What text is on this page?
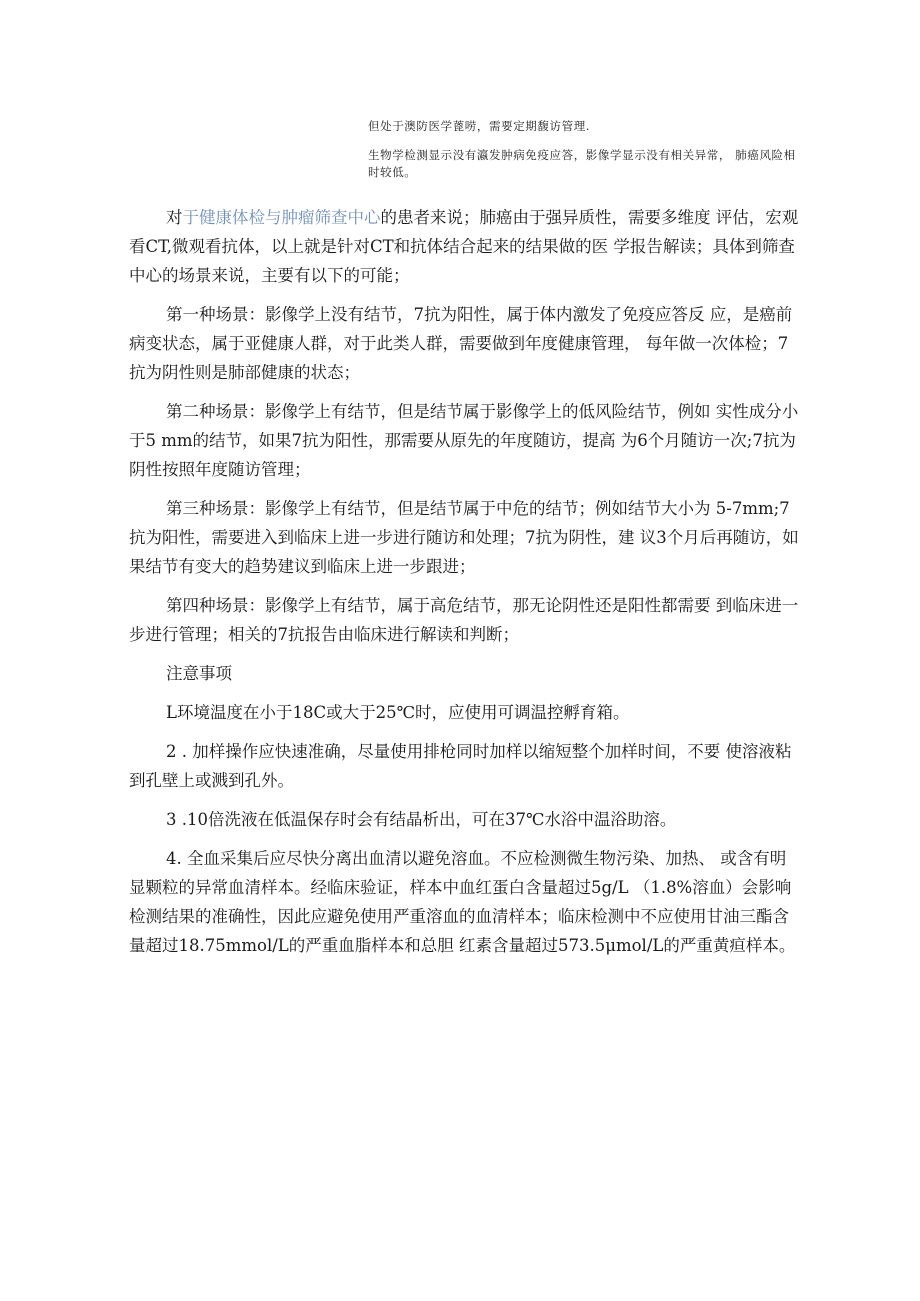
但处于澳防医学蓖唠，需要定期馥访管理.

生物学检测显示没有瀛发肿病免疫应答，影像学显示没有相关异常， 肺癌风险相时较低。

对于健康体检与肿瘤筛查中心的患者来说；肺癌由于强异质性，需要多维度 评估，宏观看CT,微观看抗体，以上就是针对CT和抗体结合起来的结果做的医 学报告解读；具体到筛查中心的场景来说，主要有以下的可能；

第一种场景：影像学上没有结节，7抗为阳性，属于体内激发了免疫应答反 应，是癌前病变状态，属于亚健康人群，对于此类人群，需要做到年度健康管理， 每年做一次体检；7抗为阴性则是肺部健康的状态；

第二种场景：影像学上有结节，但是结节属于影像学上的低风险结节，例如 实性成分小于5 mm的结节，如果7抗为阳性，那需要从原先的年度随访，提高 为6个月随访一次;7抗为阴性按照年度随访管理；

第三种场景：影像学上有结节，但是结节属于中危的结节；例如结节大小为 5-7mm;7抗为阳性，需要进入到临床上进一步进行随访和处理；7抗为阴性，建 议3个月后再随访，如果结节有变大的趋势建议到临床上进一步跟进；

第四种场景：影像学上有结节，属于高危结节，那无论阴性还是阳性都需要 到临床进一步进行管理；相关的7抗报告由临床进行解读和判断；

注意事项

L环境温度在小于18C或大于25℃时，应使用可调温控孵育箱。

2 . 加样操作应快速准确，尽量使用排枪同时加样以缩短整个加样时间，不要 使溶液粘到孔壁上或溅到孔外。

3 .10倍洗液在低温保存时会有结晶析出，可在37℃水浴中温浴助溶。

4. 全血采集后应尽快分离出血清以避免溶血。不应检测微生物污染、加热、 或含有明显颗粒的异常血清样本。经临床验证，样本中血红蛋白含量超过5g/L （1.8%溶血）会影响检测结果的准确性，因此应避免使用严重溶血的血清样本；临床检测中不应使用甘油三酯含量超过18.75mmol/L的严重血脂样本和总胆 红素含量超过573.5μmol/L的严重黄疸样本。
